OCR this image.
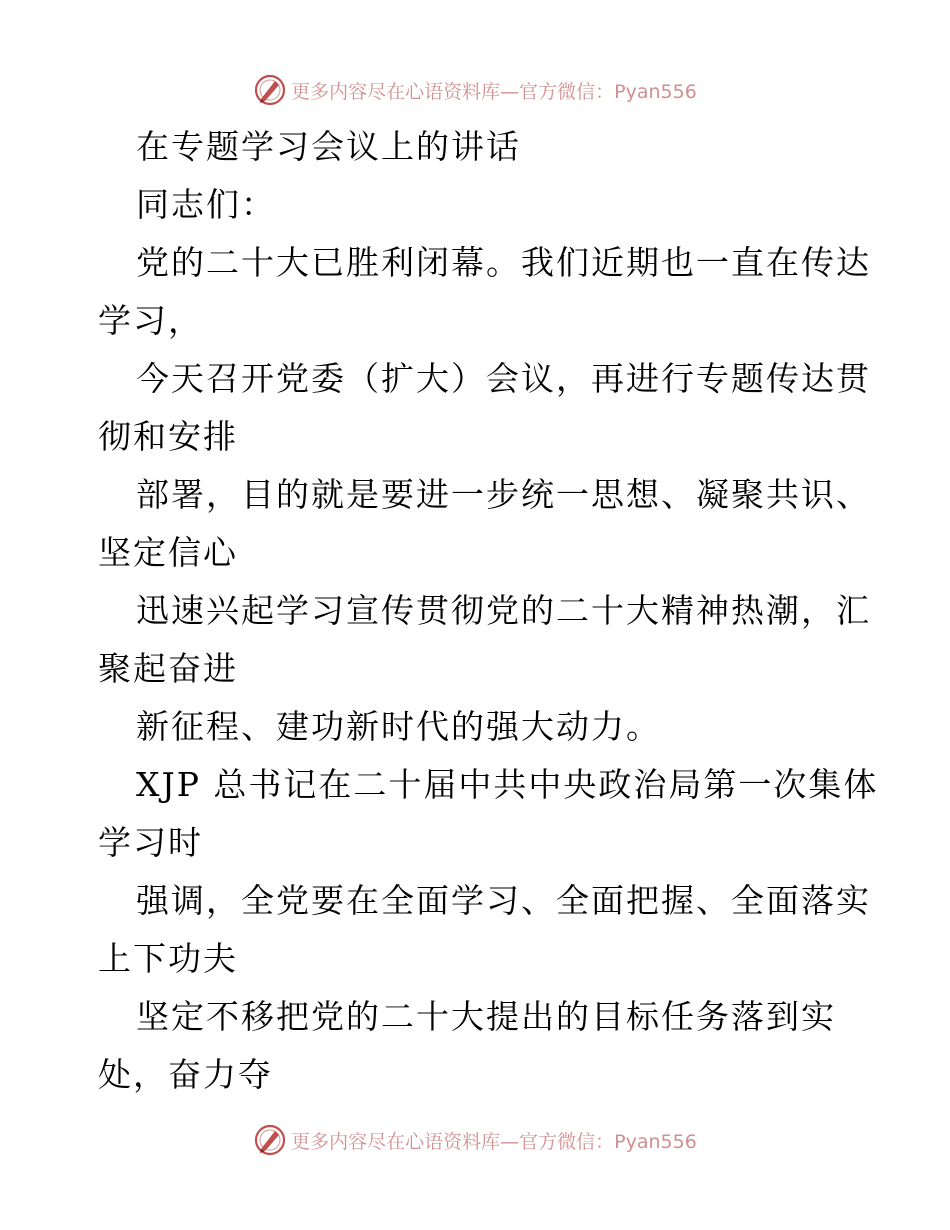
更多内容尽在心语资料库—官方微信：Pyan556
在专题学习会议上的讲话
同志们：
党的二十大已胜利闭幕。我们近期也一直在传达
学习，
今天召开党委（扩大）会议，再进行专题传达贯
彻和安排
部署，目的就是要进一步统一思想、凝聚共识、
坚定信心
迅速兴起学习宣传贯彻党的二十大精神热潮，汇
聚起奋进
新征程、建功新时代的强大动力。
XJP 总书记在二十届中共中央政治局第一次集体
学习时
强调，全党要在全面学习、全面把握、全面落实
上下功夫
坚定不移把党的二十大提出的目标任务落到实
处，奋力夺
更多内容尽在心语资料库—官方微信：Pyan556
